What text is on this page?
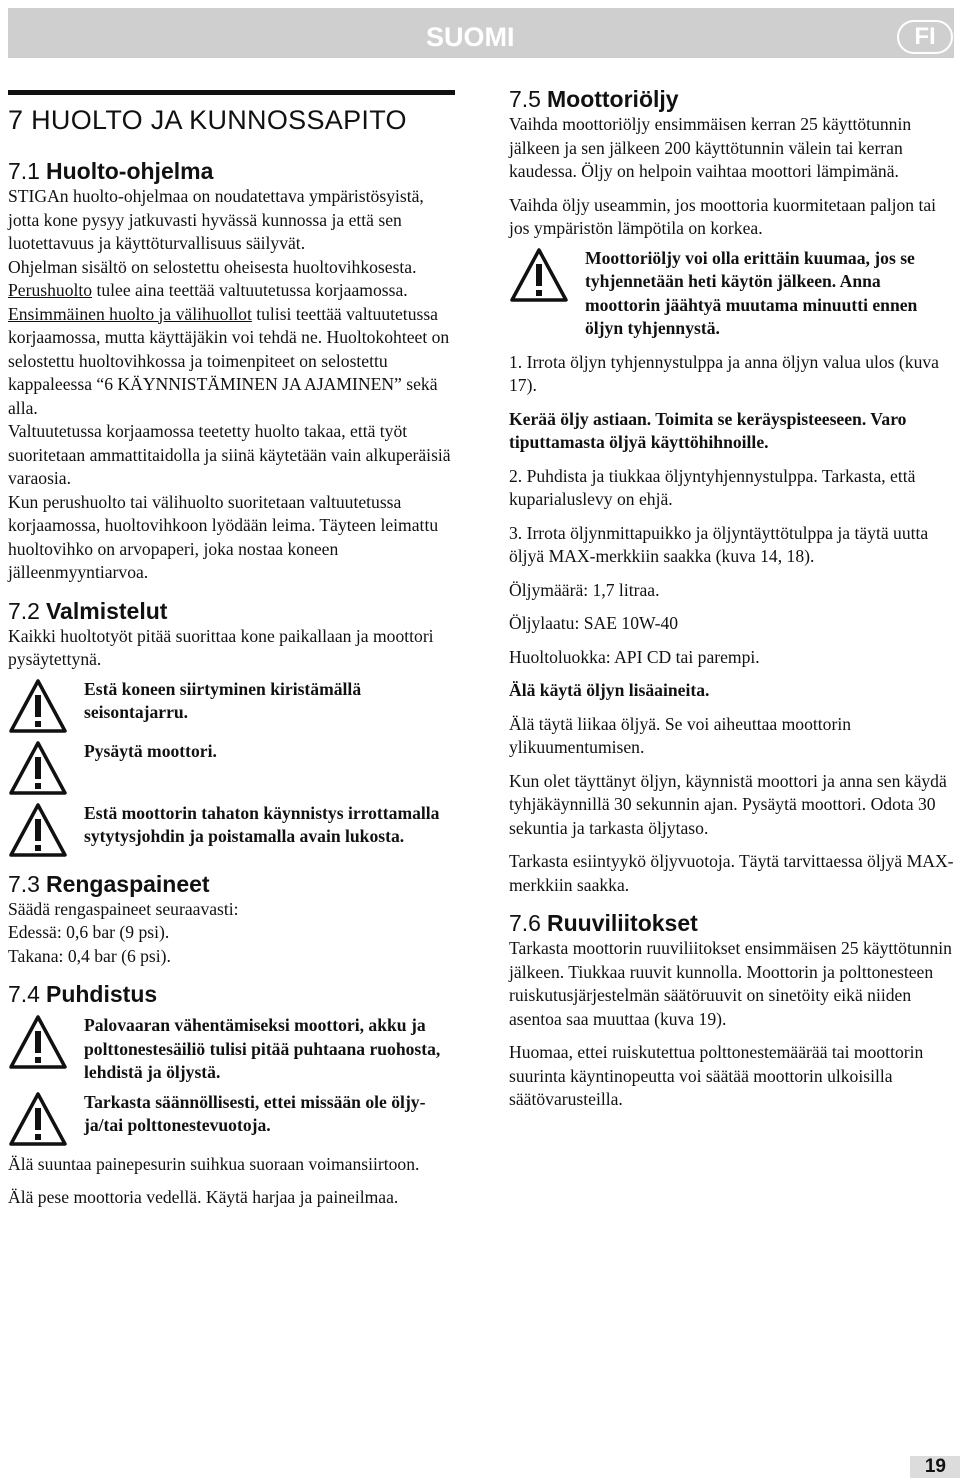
SUOMI	FI
7 HUOLTO JA KUNNOSSAPITO
7.1 Huolto-ohjelma

STIGAn huolto-ohjelmaa on noudatettava ympäristösyistä, jotta kone pysyy jatkuvasti hyvässä kunnossa ja että sen luotettavuus ja käyttöturvallisuus säilyvät.

Ohjelman sisältö on selostettu oheisesta huoltovihkosesta.

Perushuolto tulee aina teettää valtuutetussa korjaamossa.

Ensimmäinen huolto ja välihuollot tulisi teettää valtuutetussa korjaamossa, mutta käyttäjäkin voi tehdä ne. Huoltokohteet on selostettu huoltovihkossa ja toimenpiteet on selostettu kappaleessa “6 KÄYNNISTÄMINEN JA AJAMINEN” sekä alla.

Valtuutetussa korjaamossa teetetty huolto takaa, että työt suoritetaan ammattitaidolla ja siinä käytetään vain alkuperäisiä varaosia.

Kun perushuolto tai välihuolto suoritetaan valtuutetussa korjaamossa, huoltovihkoon lyödään leima. Täyteen leimattu huoltovihko on arvopaperi, joka nostaa koneen jälleenmyyntiarvoa.

7.2 Valmistelut

Kaikki huoltotyöt pitää suorittaa kone paikallaan ja moottori pysäytettynä.

Estä koneen siirtyminen kiristämällä seisontajarru.
Pysäytä moottori.
Estä moottorin tahaton käynnistys irrottamalla sytytysjohdin ja poistamalla avain lukosta.
7.3 Rengaspaineet

Säädä rengaspaineet seuraavasti:

Edessä: 0,6 bar (9 psi).

Takana: 0,4 bar (6 psi).

7.4 Puhdistus
Palovaaran vähentämiseksi moottori, akku ja polttonestesäiliö tulisi pitää puhtaana ruohosta, lehdistä ja öljystä.
Tarkasta säännöllisesti, ettei missään ole öljy- ja/tai polttonestevuotoja.

Älä suuntaa painepesurin suihkua suoraan voimansiirtoon.

Älä pese moottoria vedellä. Käytä harjaa ja paineilmaa.

7.5 Moottoriöljy

Vaihda moottoriöljy ensimmäisen kerran 25 käyttötunnin jälkeen ja sen jälkeen 200 käyttötunnin välein tai kerran kaudessa. Öljy on helpoin vaihtaa moottori lämpimänä.

Vaihda öljy useammin, jos moottoria kuormitetaan paljon tai jos ympäristön lämpötila on korkea.

Moottoriöljy voi olla erittäin kuumaa, jos se tyhjennetään heti käytön jälkeen. Anna moottorin jäähtyä muutama minuutti ennen öljyn tyhjennystä.

1. Irrota öljyn tyhjennystulppa ja anna öljyn valua ulos (kuva 17).

Kerää öljy astiaan. Toimita se keräyspisteeseen. Varo tiputtamasta öljyä käyttöhihnoille.

2. Puhdista ja tiukkaa öljyntyhjennystulppa. Tarkasta, että kuparialuslevy on ehjä.

3. Irrota öljynmittapuikko ja öljyntäyttötulppa ja täytä uutta öljyä MAX-merkkiin saakka (kuva 14, 18).

Öljymäärä: 1,7 litraa.

Öljylaatu: SAE 10W-40

Huoltoluokka: API CD tai parempi.

Älä käytä öljyn lisäaineita.

Älä täytä liikaa öljyä. Se voi aiheuttaa moottorin ylikuumentumisen.

Kun olet täyttänyt öljyn, käynnistä moottori ja anna sen käydä tyhjäkäynnillä 30 sekunnin ajan. Pysäytä moottori. Odota 30 sekuntia ja tarkasta öljytaso.

Tarkasta esiintyykö öljyvuotoja. Täytä tarvittaessa öljyä MAX-merkkiin saakka.

7.6 Ruuviliitokset

Tarkasta moottorin ruuviliitokset ensimmäisen 25 käyttötunnin jälkeen. Tiukkaa ruuvit kunnolla. Moottorin ja polttonesteen ruiskutusjärjestelmän säätöruuvit on sinetöity eikä niiden asentoa saa muuttaa (kuva 19).

Huomaa, ettei ruiskutettua polttonestemäärää tai moottorin suurinta käyntinopeutta voi säätää moottorin ulkoisilla säätövarusteilla.

19
